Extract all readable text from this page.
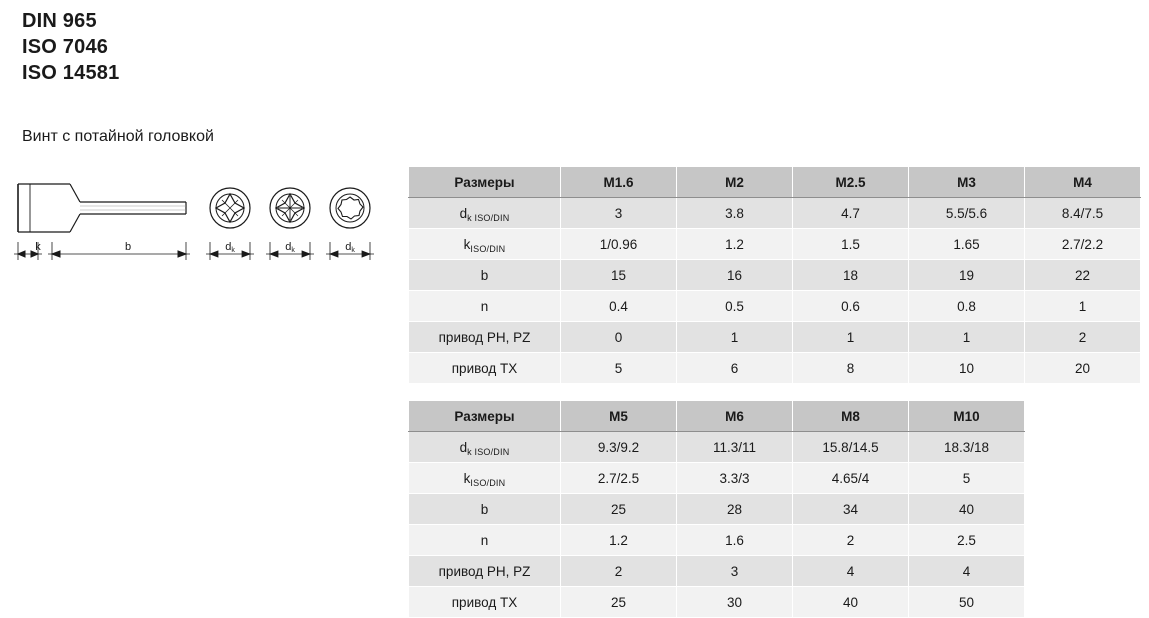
DIN 965
ISO 7046
ISO 14581
Винт с потайной головкой
k	b	dk	dk	dk
Размеры	M1.6	M2	M2.5	M3	M4
$d_{k ISO/DIN}$	3	3.8	4.7	5.5/5.6	8.4/7.5
$k_{ISO/DIN}$	1/0.96	1.2	1.5	1.65	2.7/2.2
b	15	16	18	19	22
n	0.4	0.5	0.6	0.8	1
привод PH, PZ	0	1	1	1	2
привод TX	5	6	8	10	20
Размеры	M5	M6	M8	M10
$d_{k ISO/DIN}$	9.3/9.2	11.3/11	15.8/14.5	18.3/18
$k_{ISO/DIN}$	2.7/2.5	3.3/3	4.65/4	5
b	25	28	34	40
n	1.2	1.6	2	2.5
привод PH, PZ	2	3	4	4
привод TX	25	30	40	50
